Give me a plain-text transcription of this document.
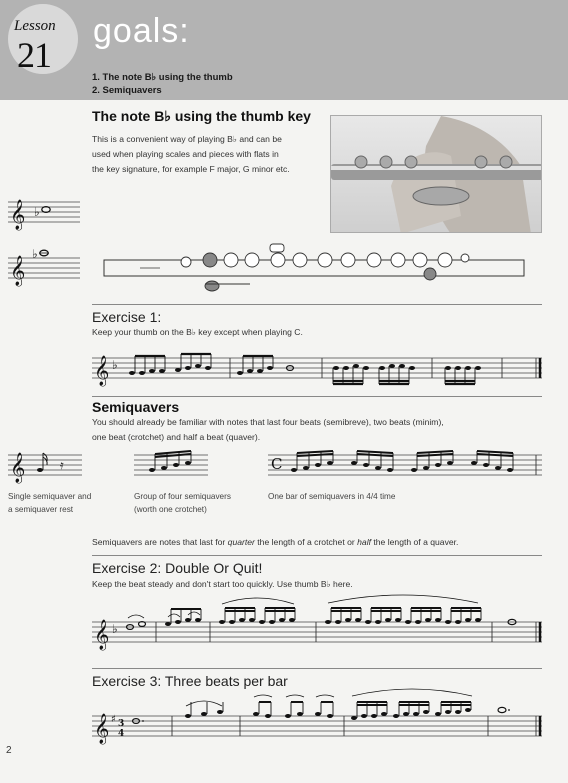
Lesson
21
goals:
1. The note B♭ using the thumb
2. Semiquavers
The note B♭ using the thumb key
This is a convenient way of playing B♭ and can be
used when playing scales and pieces with flats in
the key signature, for example F major, G minor etc.
𝄞 ♭
𝄞
♭
Exercise 1:
Keep your thumb on the B♭ key except when playing C.
𝄞 ♭
Semiquavers
You should already be familiar with notes that last four beats (semibreve), two beats (minim),
one beat (crotchet) and half a beat (quaver).
𝄞	𝄿	C
Single semiquaver and
a semiquaver rest
Group of four semiquavers
(worth one crotchet)
One bar of semiquavers in 4/4 time
Semiquavers are notes that last for quarter the length of a crotchet or half the length of a quaver.
Exercise 2: Double Or Quit!
Keep the beat steady and don't start too quickly. Use thumb B♭ here.
𝄞 ♭
Exercise 3: Three beats per bar
𝄞 ♯ 3
4
2
